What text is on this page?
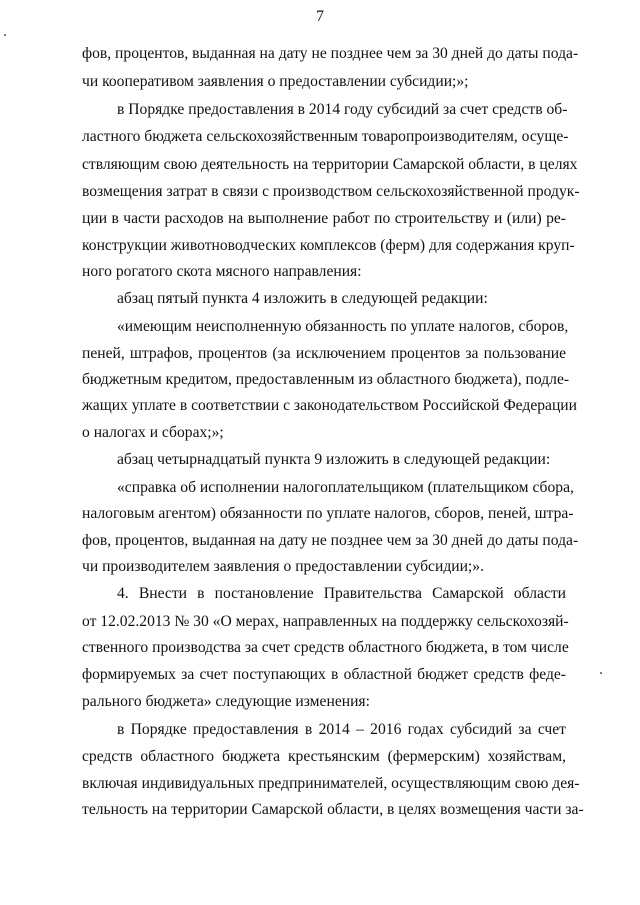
7
фов, процентов, выданная на дату не позднее чем за 30 дней до даты пода-
чи кооперативом заявления о предоставлении субсидии;»;
в Порядке предоставления в 2014 году субсидий за счет средств об-
ластного бюджета сельскохозяйственным товаропроизводителям, осуще-
ствляющим свою деятельность на территории Самарской области, в целях
возмещения затрат в связи с производством сельскохозяйственной продук-
ции в части расходов на выполнение работ по строительству и (или) ре-
конструкции животноводческих комплексов (ферм) для содержания круп-
ного рогатого скота мясного направления:
абзац пятый пункта 4 изложить в следующей редакции:
«имеющим неисполненную обязанность по уплате налогов, сборов,
пеней, штрафов, процентов (за исключением процентов за пользование
бюджетным кредитом, предоставленным из областного бюджета), подле-
жащих уплате в соответствии с законодательством Российской Федерации
о налогах и сборах;»;
абзац четырнадцатый пункта 9 изложить в следующей редакции:
«справка об исполнении налогоплательщиком (плательщиком сбора,
налоговым агентом) обязанности по уплате налогов, сборов, пеней, штра-
фов, процентов, выданная на дату не позднее чем за 30 дней до даты пода-
чи производителем заявления о предоставлении субсидии;».
4. Внести в постановление Правительства Самарской области
от 12.02.2013 № 30 «О мерах, направленных на поддержку сельскохозяй-
ственного производства за счет средств областного бюджета, в том числе
формируемых за счет поступающих в областной бюджет средств феде-
рального бюджета» следующие изменения:
в Порядке предоставления в 2014 – 2016 годах субсидий за счет
средств областного бюджета крестьянским (фермерским) хозяйствам,
включая индивидуальных предпринимателей, осуществляющим свою дея-
тельность на территории Самарской области, в целях возмещения части за-
